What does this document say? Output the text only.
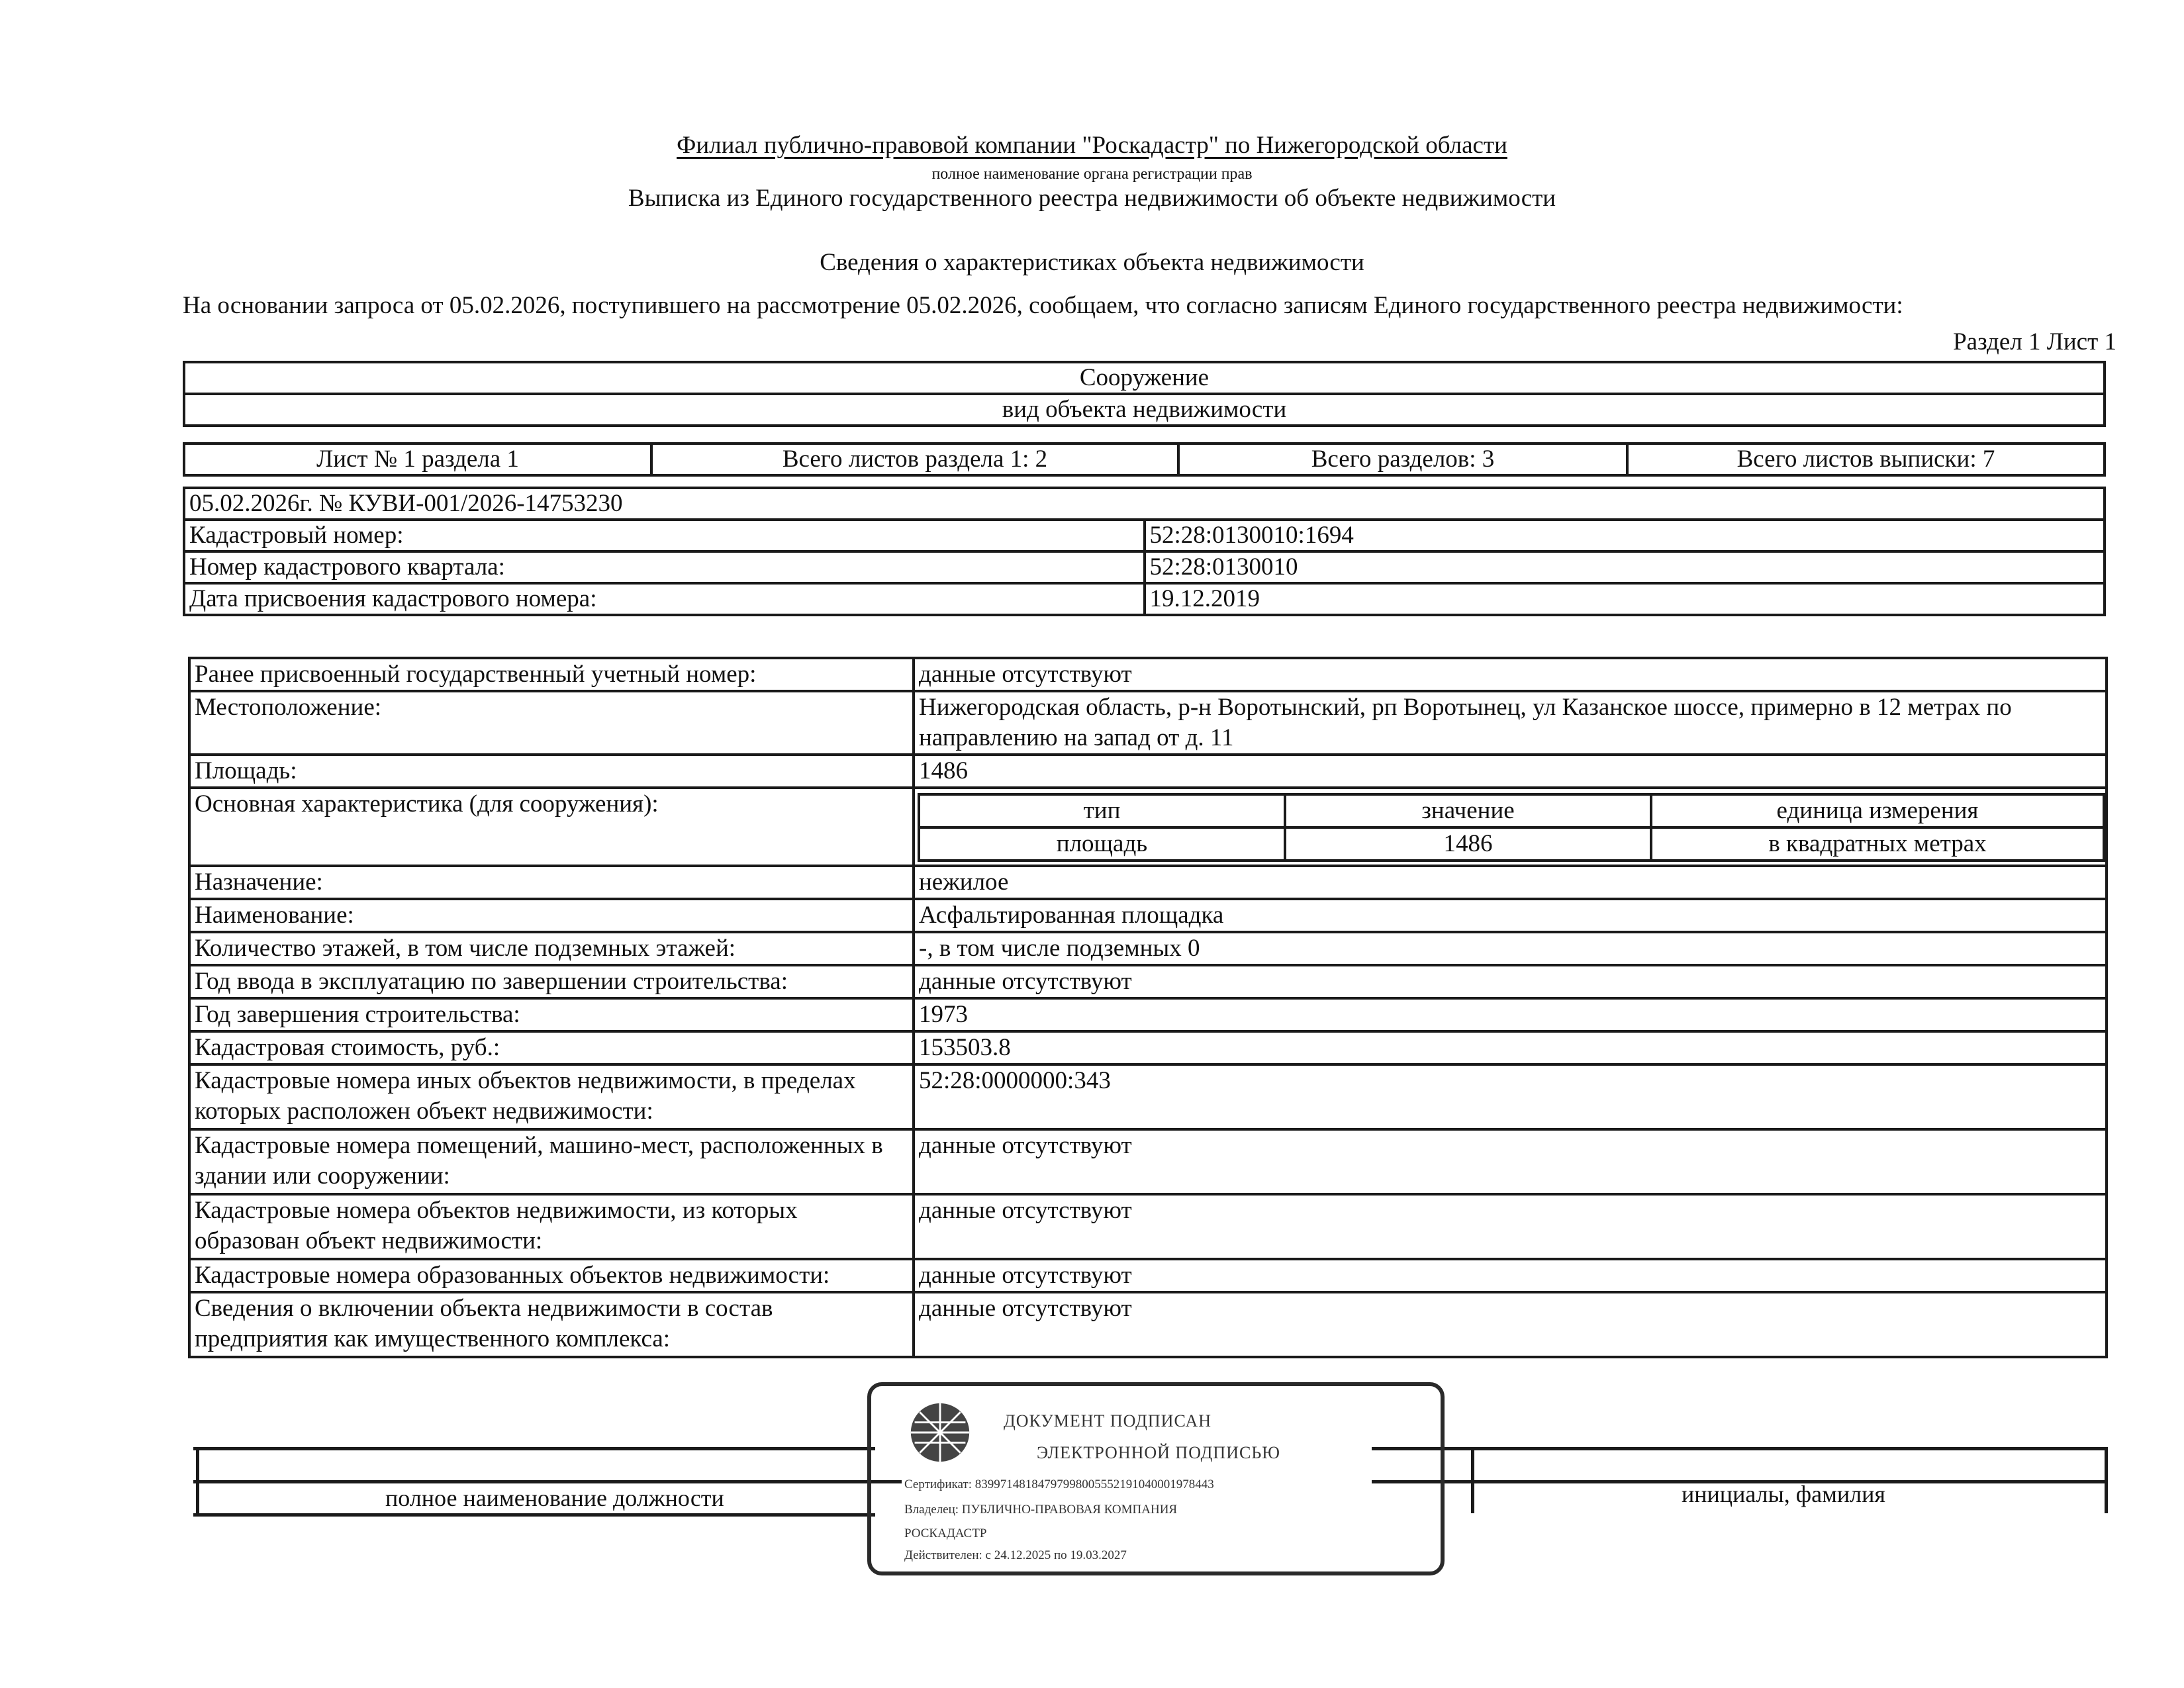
Филиал публично-правовой компании "Роскадастр" по Нижегородской области
полное наименование органа регистрации прав
Выписка из Единого государственного реестра недвижимости об объекте недвижимости
Сведения о характеристиках объекта недвижимости
На основании запроса от 05.02.2026, поступившего на рассмотрение 05.02.2026, сообщаем, что согласно записям Единого государственного реестра недвижимости:
Раздел 1 Лист 1
Сооружение
вид объекта недвижимости
Лист № 1 раздела 1	Всего листов раздела 1: 2	Всего разделов: 3	Всего листов выписки: 7
05.02.2026г. № КУВИ-001/2026-14753230	
Кадастровый номер:	52:28:0130010:1694
Номер кадастрового квартала:	52:28:0130010
Дата присвоения кадастрового номера:	19.12.2019
Ранее присвоенный государственный учетный номер:	данные отсутствуют
Местоположение:	Нижегородская область, р-н Воротынский, рп Воротынец, ул Казанское шоссе, примерно в 12 метрах по направлению на запад от д. 11
Площадь:	1486
Основная характеристика (для сооружения):		тип	значение	единица измерения
площадь	1486	в квадратных метрах

Назначение:	нежилое
Наименование:	Асфальтированная площадка
Количество этажей, в том числе подземных этажей:	-, в том числе подземных 0
Год ввода в эксплуатацию по завершении строительства:	данные отсутствуют
Год завершения строительства:	1973
Кадастровая стоимость, руб.:	153503.8
Кадастровые номера иных объектов недвижимости, в пределах которых расположен объект недвижимости:	52:28:0000000:343
Кадастровые номера помещений, машино-мест, расположенных в здании или сооружении:	данные отсутствуют
Кадастровые номера объектов недвижимости, из которых образован объект недвижимости:	данные отсутствуют
Кадастровые номера образованных объектов недвижимости:	данные отсутствуют
Сведения о включении объекта недвижимости в состав предприятия как имущественного комплекса:	данные отсутствуют
полное наименование должности	инициалы, фамилия
ДОКУМЕНТ ПОДПИСАН
ЭЛЕКТРОННОЙ ПОДПИСЬЮ
Сертификат: 83997148184797998005552191040001978443
Владелец: ПУБЛИЧНО-ПРАВОВАЯ КОМПАНИЯ
РОСКАДАСТР
Действителен: с 24.12.2025 по 19.03.2027
